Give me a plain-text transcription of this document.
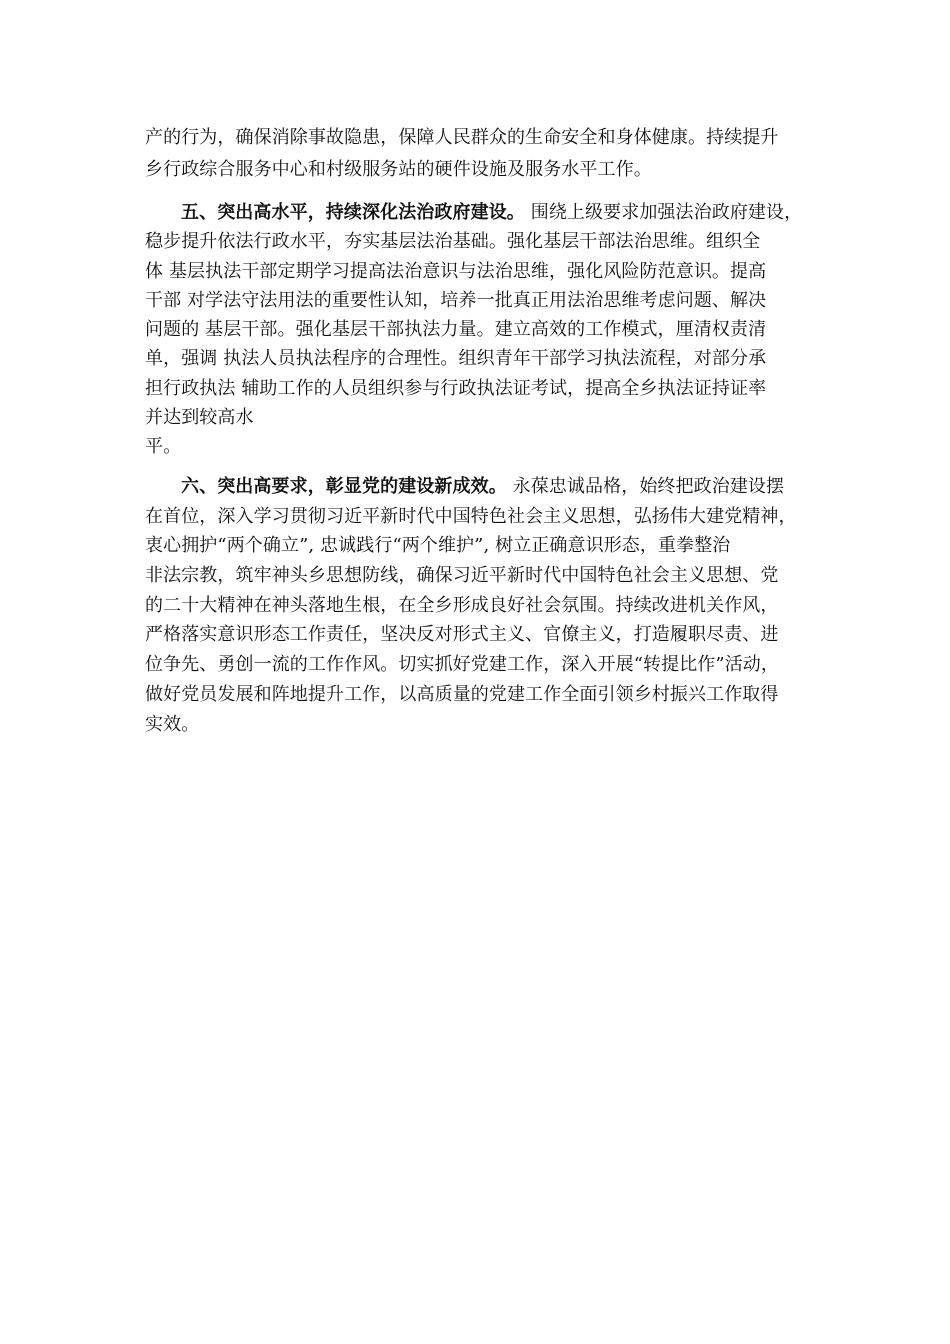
产的行为，确保消除事故隐患，保障人民群众的生命安全和身体健康。持续提升
乡行政综合服务中心和村级服务站的硬件设施及服务水平工作。
五、突出高水平，持续深化法治政府建设。 围绕上级要求加强法治政府建设，
稳步提升依法行政水平，夯实基层法治基础。强化基层干部法治思维。组织全
体 基层执法干部定期学习提高法治意识与法治思维，强化风险防范意识。提高
干部 对学法守法用法的重要性认知，培养一批真正用法治思维考虑问题、解决
问题的 基层干部。强化基层干部执法力量。建立高效的工作模式，厘清权责清
单，强调 执法人员执法程序的合理性。组织青年干部学习执法流程，对部分承
担行政执法 辅助工作的人员组织参与行政执法证考试，提高全乡执法证持证率
并达到较高水
平。
六、突出高要求，彰显党的建设新成效。 永葆忠诚品格，始终把政治建设摆
在首位，深入学习贯彻习近平新时代中国特色社会主义思想，弘扬伟大建党精神，
衷心拥护“两个确立”, 忠诚践行“两个维护”, 树立正确意识形态，重拳整治
非法宗教，筑牢神头乡思想防线，确保习近平新时代中国特色社会主义思想、党
的二十大精神在神头落地生根，在全乡形成良好社会氛围。持续改进机关作风，
严格落实意识形态工作责任，坚决反对形式主义、官僚主义，打造履职尽责、进
位争先、勇创一流的工作作风。切实抓好党建工作，深入开展“转提比作”活动，
做好党员发展和阵地提升工作，以高质量的党建工作全面引领乡村振兴工作取得
实效。
